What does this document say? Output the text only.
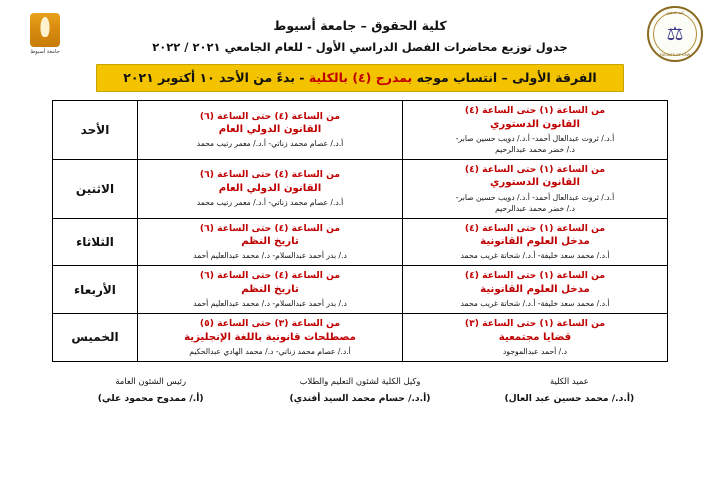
كلية الحقوق
⚖
FACULTY OF LAW
كلية الحقوق – جامعة أسيوط
جدول توزيع محاضرات الفصل الدراسي الأول - للعام الجامعي ٢٠٢١ / ٢٠٢٢
جامعة أسيوط
الفرقة الأولى – انتساب موجه بمدرج (٤) بالكلية - بدءً من الأحد ١٠ أكتوبر ٢٠٢١
من الساعة (١) حتى الساعة (٤)
القانون الدستوري
أ.د./ ثروت عبدالعال أحمد- أ.د./ دويب حسين صابر-
د./ خضر محمد عبدالرحيم

من الساعة (٤) حتى الساعة (٦)
القانون الدولي العام
أ.د./ عصام محمد زناتي- أ.د./ معمر رتيب محمد
	الأحد

من الساعة (١) حتى الساعة (٤)
القانون الدستوري
أ.د./ ثروت عبدالعال أحمد- أ.د./ دويب حسين صابر-
د./ خضر محمد عبدالرحيم

من الساعة (٤) حتى الساعة (٦)
القانون الدولي العام
أ.د./ عصام محمد زناتي- أ.د./ معمر رتيب محمد
	الاثنين

من الساعة (١) حتى الساعة (٤)
مدخل العلوم القانونية
أ.د./ محمد سعد خليفة- أ.د./ شحاتة غريب محمد

من الساعة (٤) حتى الساعة (٦)
تاريخ النظم
د./ بدر أحمد عبدالسلام- د./ محمد عبدالعليم أحمد
	الثلاثاء

من الساعة (١) حتى الساعة (٤)
مدخل العلوم القانونية
أ.د./ محمد سعد خليفة- أ.د./ شحاتة غريب محمد

من الساعة (٤) حتى الساعة (٦)
تاريخ النظم
د./ بدر أحمد عبدالسلام- د./ محمد عبدالعليم أحمد
	الأربعاء

من الساعة (١) حتى الساعة (٣)
قضايا مجتمعية
د./ أحمد عبدالموجود

من الساعة (٣) حتى الساعة (٥)
مصطلحات قانونية باللغة الإنجليزية
أ.د./ عصام محمد زناتي- د./ محمد الهادي عبدالحكيم
	الخميس
عميد الكلية
(أ.د./ محمد حسين عبد العال)
وكيل الكلية لشئون التعليم والطلاب
(أ.د./ حسام محمد السيد أفندي)
رئيس الشئون العامة
(أ./ ممدوح محمود علي)
